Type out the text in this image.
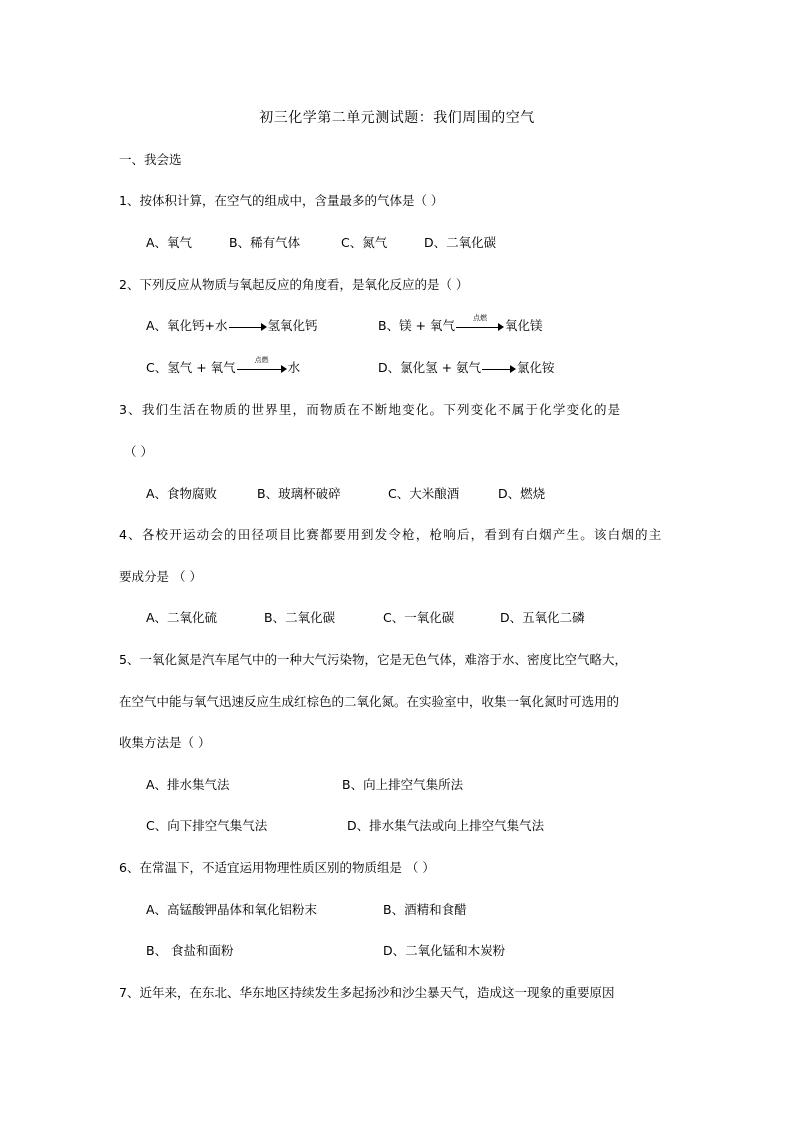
初三化学第二单元测试题：我们周围的空气
一、我会选
1、按体积计算，在空气的组成中，含量最多的气体是（ ）
A、氧气	B、稀有气体	C、氮气	D、二氧化碳
2、下列反应从物质与氧起反应的角度看，是氧化反应的是（ ）
A、氧化钙+水	氢氧化钙	B、镁 + 氧气
点燃
氧化镁
C、氢气 + 氧气
点燃
水	D、氯化氢 + 氨气	氯化铵
3、我们生活在物质的世界里，而物质在不断地变化。下列变化不属于化学变化的是
（ ）
A、食物腐败	B、玻璃杯破碎	C、大米酿酒	D、燃烧
4、各校开运动会的田径项目比赛都要用到发令枪，枪响后，看到有白烟产生。该白烟的主
要成分是 （ ）
A、二氧化硫	B、二氧化碳	C、一氧化碳	D、五氧化二磷
5、一氧化氮是汽车尾气中的一种大气污染物，它是无色气体，难溶于水、密度比空气略大，
在空气中能与氧气迅速反应生成红棕色的二氧化氮。在实验室中，收集一氧化氮时可选用的
收集方法是（ ）
A、排水集气法	B、向上排空气集所法
C、向下排空气集气法	D、排水集气法或向上排空气集气法
6、在常温下，不适宜运用物理性质区别的物质组是 （ ）
A、高锰酸钾晶体和氧化铝粉末	B、酒精和食醋
B、 食盐和面粉	D、二氧化锰和木炭粉
7、近年来，在东北、华东地区持续发生多起扬沙和沙尘暴天气，造成这一现象的重要原因
